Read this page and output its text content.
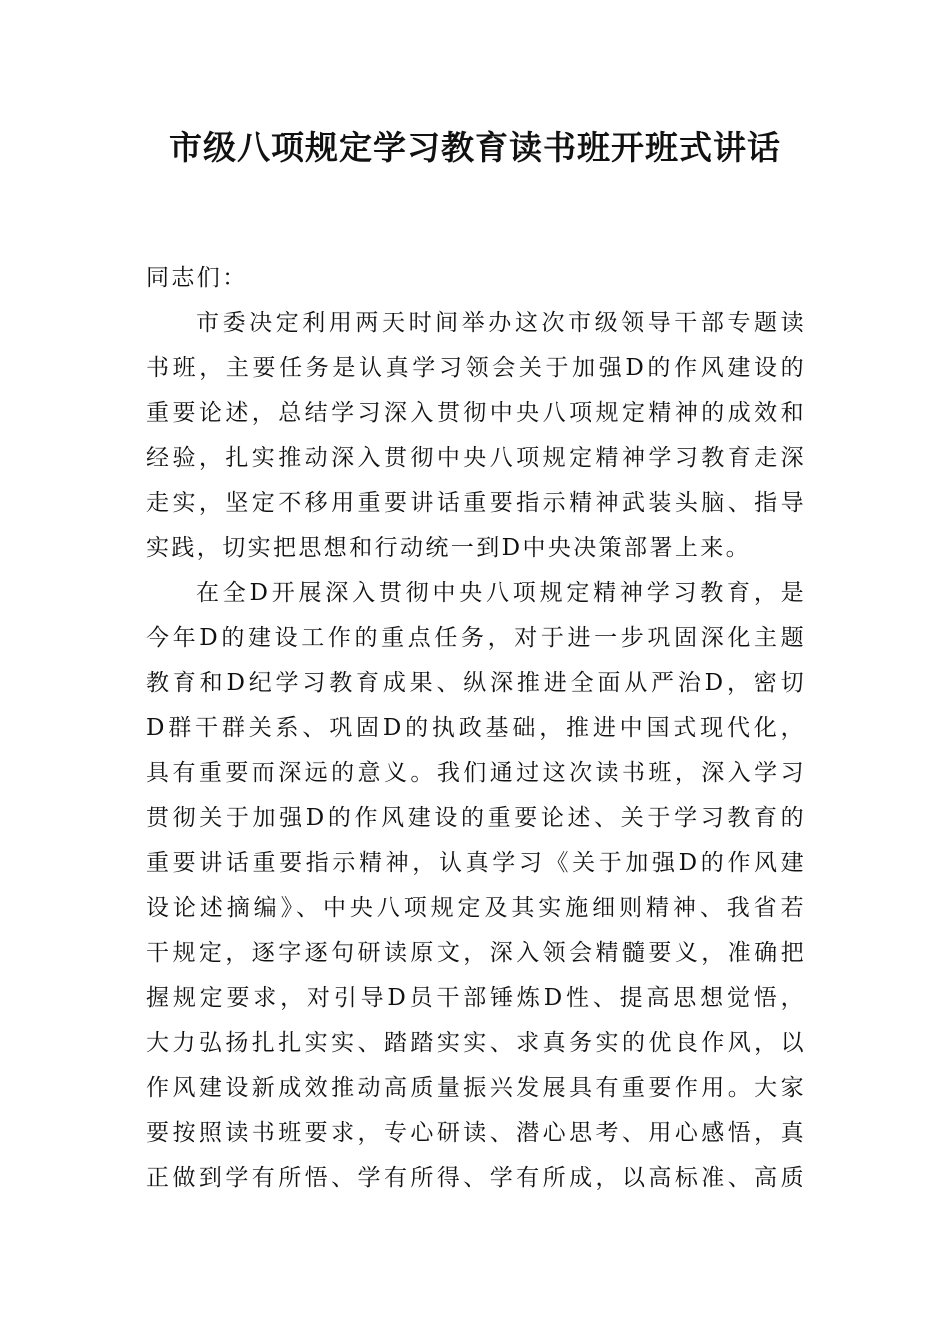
市级八项规定学习教育读书班开班式讲话

同志们：

市委决定利用两天时间举办这次市级领导干部专题读
书班，主要任务是认真学习领会关于加强D的作风建设的
重要论述，总结学习深入贯彻中央八项规定精神的成效和
经验，扎实推动深入贯彻中央八项规定精神学习教育走深
走实，坚定不移用重要讲话重要指示精神武装头脑、指导
实践，切实把思想和行动统一到D中央决策部署上来。

在全D开展深入贯彻中央八项规定精神学习教育，是
今年D的建设工作的重点任务，对于进一步巩固深化主题
教育和D纪学习教育成果、纵深推进全面从严治D，密切
D群干群关系、巩固D的执政基础，推进中国式现代化，
具有重要而深远的意义。我们通过这次读书班，深入学习
贯彻关于加强D的作风建设的重要论述、关于学习教育的
重要讲话重要指示精神，认真学习《关于加强D的作风建
设论述摘编》、中央八项规定及其实施细则精神、我省若
干规定，逐字逐句研读原文，深入领会精髓要义，准确把
握规定要求，对引导D员干部锤炼D性、提高思想觉悟，
大力弘扬扎扎实实、踏踏实实、求真务实的优良作风，以
作风建设新成效推动高质量振兴发展具有重要作用。大家
要按照读书班要求，专心研读、潜心思考、用心感悟，真
正做到学有所悟、学有所得、学有所成，以高标准、高质
